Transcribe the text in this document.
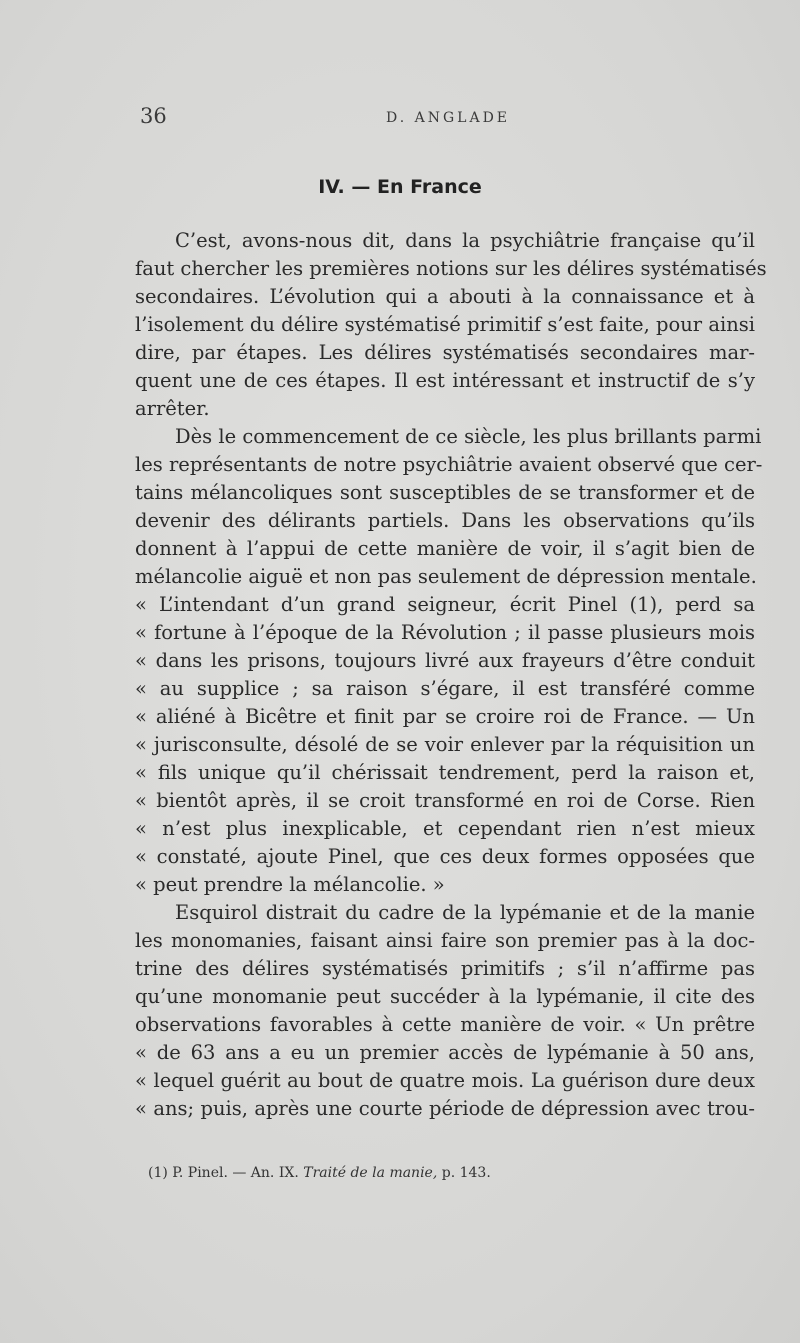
36	D. ANGLADE
IV. — En France
C’est, avons-nous dit, dans la psychiâtrie française qu’il
faut chercher les premières notions sur les délires systématisés
secondaires. L’évolution qui a abouti à la connaissance et à
l’isolement du délire systématisé primitif s’est faite, pour ainsi
dire, par étapes. Les délires systématisés secondaires mar-
quent une de ces étapes. Il est intéressant et instructif de s’y
arrêter.
Dès le commencement de ce siècle, les plus brillants parmi
les représentants de notre psychiâtrie avaient observé que cer-
tains mélancoliques sont susceptibles de se transformer et de
devenir des délirants partiels. Dans les observations qu’ils
donnent à l’appui de cette manière de voir, il s’agit bien de
mélancolie aiguë et non pas seulement de dépression mentale.
« L’intendant d’un grand seigneur, écrit Pinel (1), perd sa
« fortune à l’époque de la Révolution ; il passe plusieurs mois
« dans les prisons, toujours livré aux frayeurs d’être conduit
« au supplice ; sa raison s’égare, il est transféré comme
« aliéné à Bicêtre et finit par se croire roi de France. — Un
« jurisconsulte, désolé de se voir enlever par la réquisition un
« fils unique qu’il chérissait tendrement, perd la raison et,
« bientôt après, il se croit transformé en roi de Corse. Rien
« n’est plus inexplicable, et cependant rien n’est mieux
« constaté, ajoute Pinel, que ces deux formes opposées que
« peut prendre la mélancolie. »
Esquirol distrait du cadre de la lypémanie et de la manie
les monomanies, faisant ainsi faire son premier pas à la doc-
trine des délires systématisés primitifs ; s’il n’affirme pas
qu’une monomanie peut succéder à la lypémanie, il cite des
observations favorables à cette manière de voir. « Un prêtre
« de 63 ans a eu un premier accès de lypémanie à 50 ans,
« lequel guérit au bout de quatre mois. La guérison dure deux
« ans; puis, après une courte période de dépression avec trou-
(1) P. Pinel. — An. IX. Traité de la manie, p. 143.
